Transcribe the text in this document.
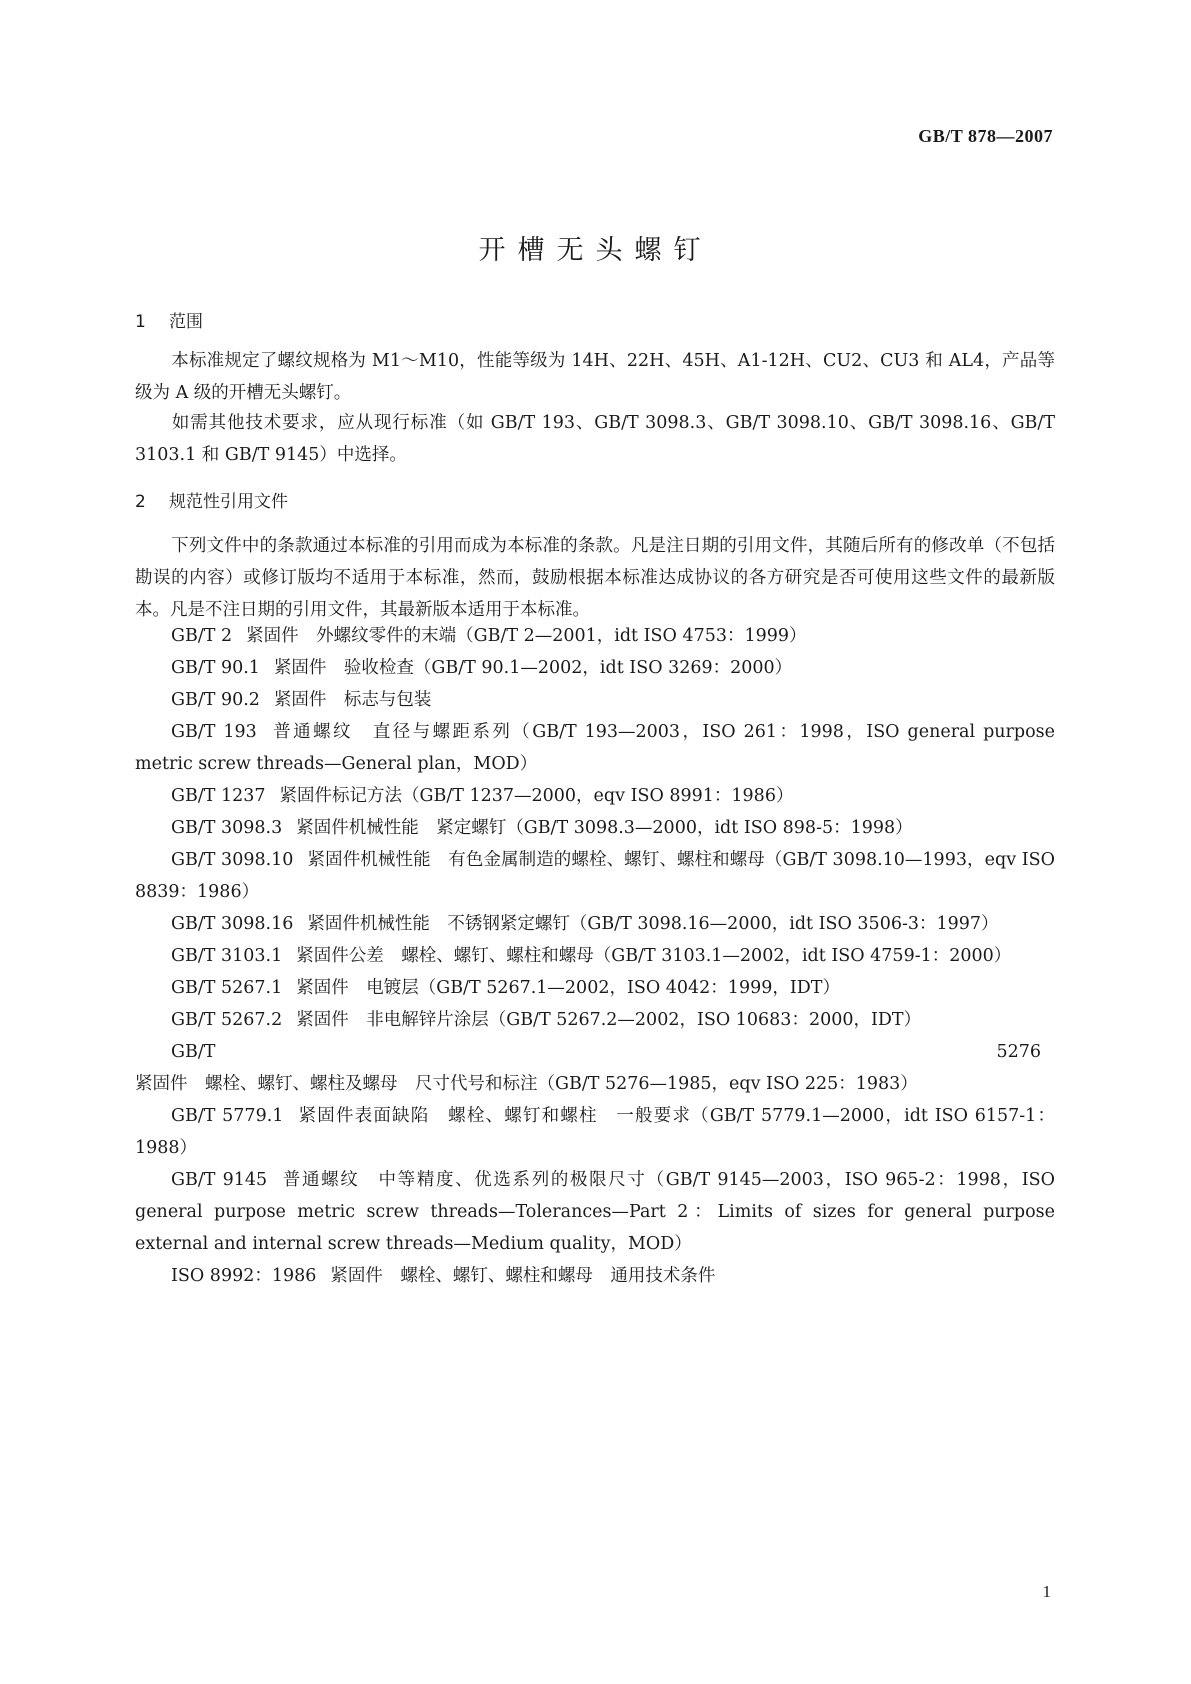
GB/T 878—2007
开槽无头螺钉
1 范围

本标准规定了螺纹规格为 M1～M10，性能等级为 14H、22H、45H、A1-12H、CU2、CU3 和 AL4，产品等级为 A 级的开槽无头螺钉。

如需其他技术要求，应从现行标准（如 GB/T 193、GB/T 3098.3、GB/T 3098.10、GB/T 3098.16、GB/T 3103.1 和 GB/T 9145）中选择。

2 规范性引用文件

下列文件中的条款通过本标准的引用而成为本标准的条款。凡是注日期的引用文件，其随后所有的修改单（不包括勘误的内容）或修订版均不适用于本标准，然而，鼓励根据本标准达成协议的各方研究是否可使用这些文件的最新版本。凡是不注日期的引用文件，其最新版本适用于本标准。

GB/T 2 紧固件　外螺纹零件的末端（GB/T 2—2001，idt ISO 4753：1999）
GB/T 90.1 紧固件　验收检查（GB/T 90.1—2002，idt ISO 3269：2000）
GB/T 90.2 紧固件　标志与包装
GB/T 193 普通螺纹　直径与螺距系列（GB/T 193—2003，ISO 261：1998，ISO general purpose metric screw threads—General plan，MOD）
GB/T 1237 紧固件标记方法（GB/T 1237—2000，eqv ISO 8991：1986）
GB/T 3098.3 紧固件机械性能　紧定螺钉（GB/T 3098.3—2000，idt ISO 898-5：1998）
GB/T 3098.10 紧固件机械性能　有色金属制造的螺栓、螺钉、螺柱和螺母（GB/T 3098.10—1993，eqv ISO 8839：1986）
GB/T 3098.16 紧固件机械性能　不锈钢紧定螺钉（GB/T 3098.16—2000，idt ISO 3506-3：1997）
GB/T 3103.1 紧固件公差　螺栓、螺钉、螺柱和螺母（GB/T 3103.1—2002，idt ISO 4759-1：2000）
GB/T 5267.1 紧固件　电镀层（GB/T 5267.1—2002，ISO 4042：1999，IDT）
GB/T 5267.2 紧固件　非电解锌片涂层（GB/T 5267.2—2002，ISO 10683：2000，IDT）
GB/T 5276紧固件　螺栓、螺钉、螺柱及螺母　尺寸代号和标注（GB/T 5276—1985，eqv ISO 225：1983）
GB/T 5779.1 紧固件表面缺陷　螺栓、螺钉和螺柱　一般要求（GB/T 5779.1—2000，idt ISO 6157-1：1988）
GB/T 9145 普通螺纹　中等精度、优选系列的极限尺寸（GB/T 9145—2003，ISO 965-2：1998，ISO general purpose metric screw threads—Tolerances—Part 2：Limits of sizes for general purpose external and internal screw threads—Medium quality，MOD）
ISO 8992：1986 紧固件　螺栓、螺钉、螺柱和螺母　通用技术条件
1
